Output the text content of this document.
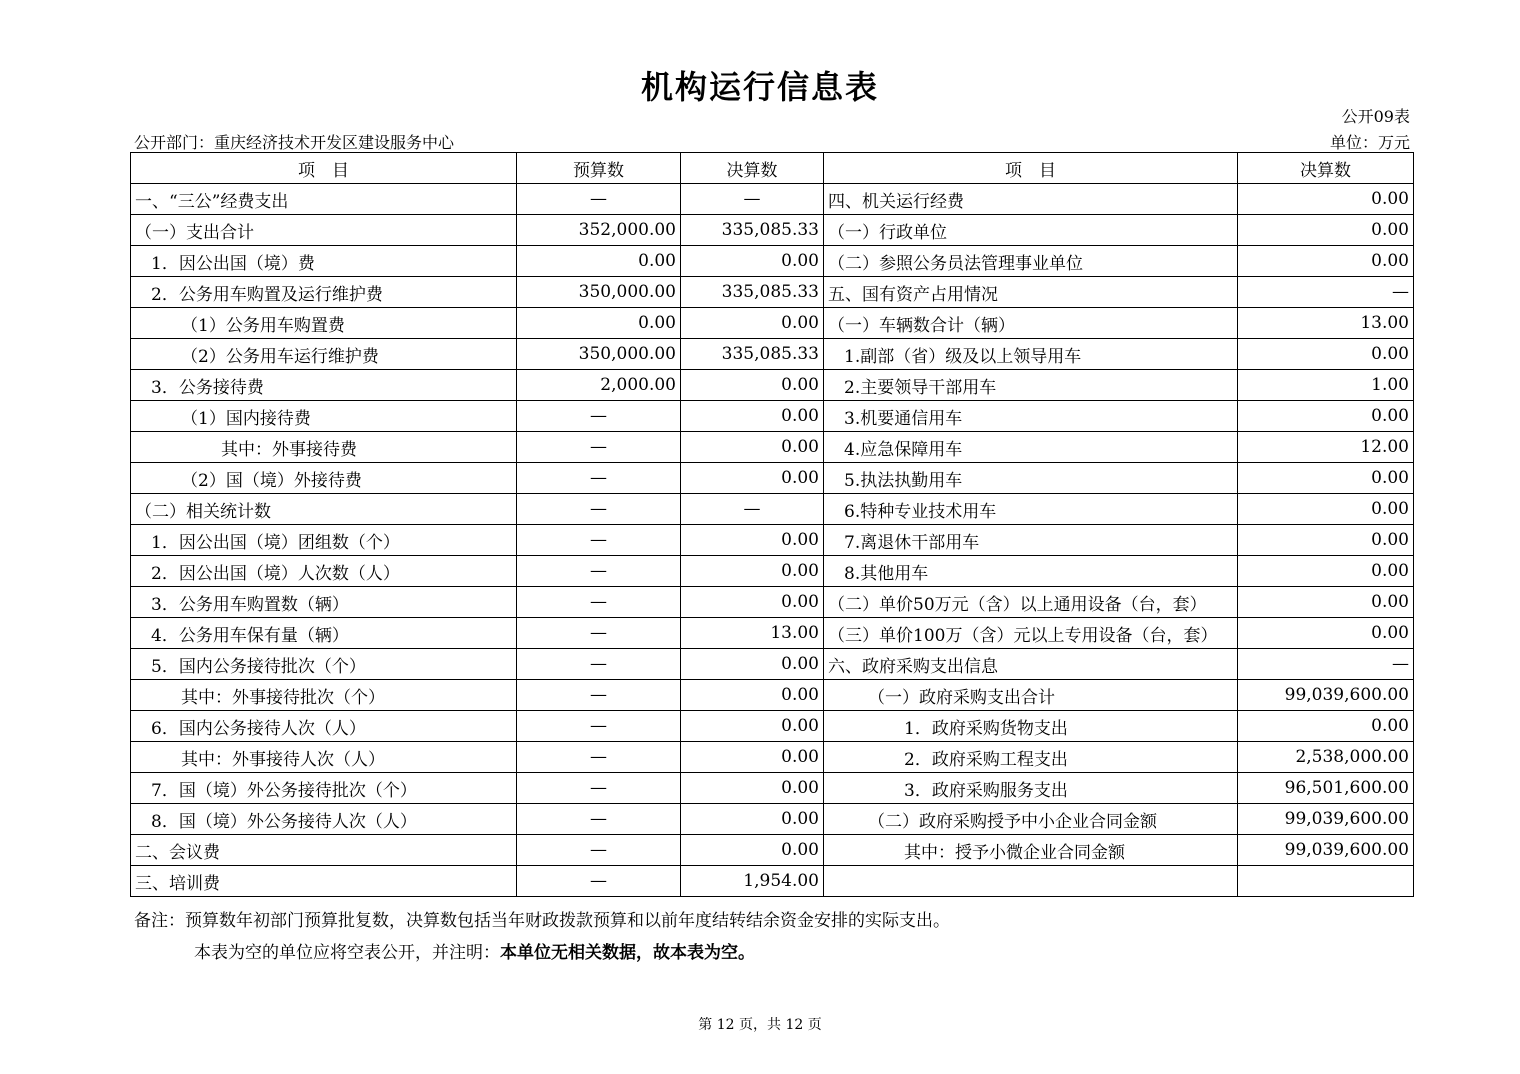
机构运行信息表
公开09表
公开部门：重庆经济技术开发区建设服务中心	单位：万元
项　目	预算数	决算数	项　目	决算数
一、“三公”经费支出	—	—	四、机关运行经费	0.00
（一）支出合计	352,000.00	335,085.33	（一）行政单位	0.00
1．因公出国（境）费	0.00	0.00	（二）参照公务员法管理事业单位	0.00
2．公务用车购置及运行维护费	350,000.00	335,085.33	五、国有资产占用情况	—
（1）公务用车购置费	0.00	0.00	（一）车辆数合计（辆）	13.00
（2）公务用车运行维护费	350,000.00	335,085.33	1.副部（省）级及以上领导用车	0.00
3．公务接待费	2,000.00	0.00	2.主要领导干部用车	1.00
（1）国内接待费	—	0.00	3.机要通信用车	0.00
其中：外事接待费	—	0.00	4.应急保障用车	12.00
（2）国（境）外接待费	—	0.00	5.执法执勤用车	0.00
（二）相关统计数	—	—	6.特种专业技术用车	0.00
1．因公出国（境）团组数（个）	—	0.00	7.离退休干部用车	0.00
2．因公出国（境）人次数（人）	—	0.00	8.其他用车	0.00
3．公务用车购置数（辆）	—	0.00	（二）单价50万元（含）以上通用设备（台，套）	0.00
4．公务用车保有量（辆）	—	13.00	（三）单价100万（含）元以上专用设备（台，套）	0.00
5．国内公务接待批次（个）	—	0.00	六、政府采购支出信息	—
其中：外事接待批次（个）	—	0.00	（一）政府采购支出合计	99,039,600.00
6．国内公务接待人次（人）	—	0.00	1．政府采购货物支出	0.00
其中：外事接待人次（人）	—	0.00	2．政府采购工程支出	2,538,000.00
7．国（境）外公务接待批次（个）	—	0.00	3．政府采购服务支出	96,501,600.00
8．国（境）外公务接待人次（人）	—	0.00	（二）政府采购授予中小企业合同金额	99,039,600.00
二、会议费	—	0.00	其中：授予小微企业合同金额	99,039,600.00
三、培训费	—	1,954.00		
备注：预算数年初部门预算批复数，决算数包括当年财政拨款预算和以前年度结转结余资金安排的实际支出。
本表为空的单位应将空表公开，并注明：本单位无相关数据，故本表为空。
第 12 页，共 12 页
